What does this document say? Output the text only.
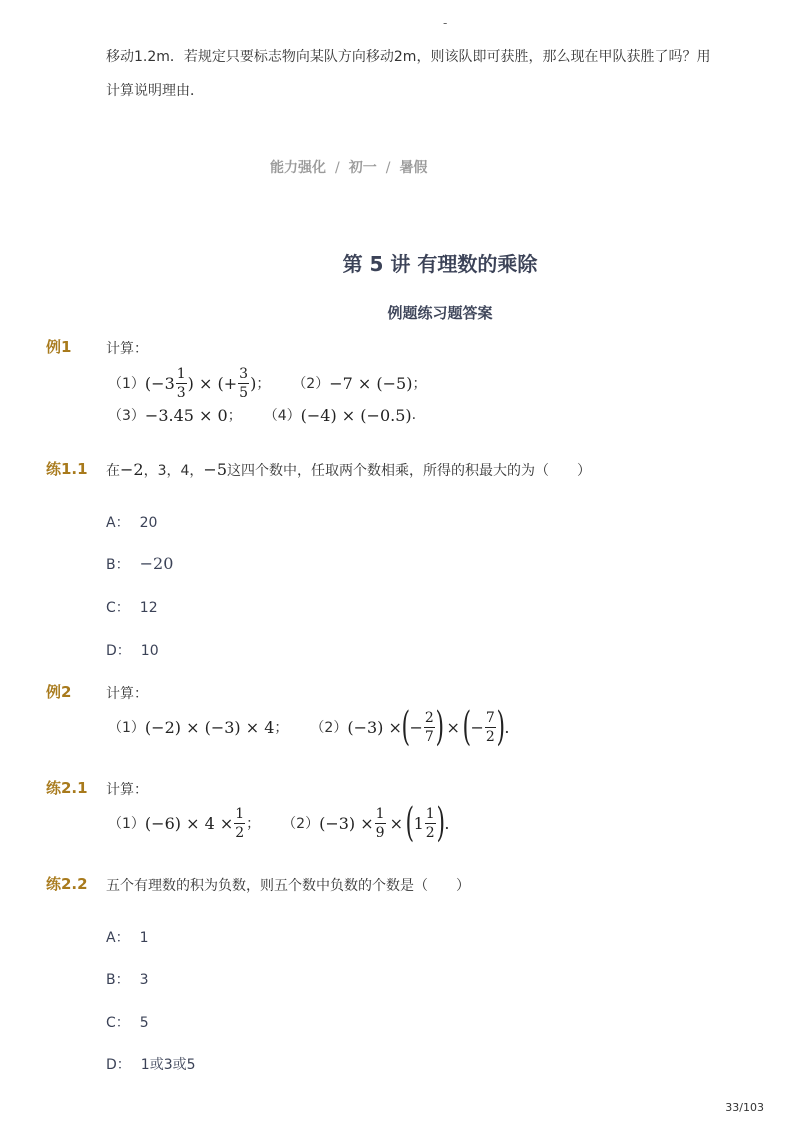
-
移动1.2m．若规定只要标志物向某队方向移动2m，则该队即可获胜，那么现在甲队获胜了吗？用
计算说明理由．
能力强化 / 初一 / 暑假
第 5 讲 有理数的乘除
例题练习题答案
例1 计算：
（1） ($-3 \frac{1}{3}$ ) × (+ $\frac{3}{5}$ ) ； （2） −7 × (−5) ；
（3） −3.45 × 0 ； （4） (−4) × (−0.5) .
练1.1 在−2，3，4，−5这四个数中，任取两个数相乘，所得的积最大的为（　　）
A： 20
B： −20
C： 12
D： 10
例2 计算：
（1） (−2) × (−3) × 4 ； （2） (−3) × ( − $\frac{2}{7}$ ) × ( − $\frac{7}{2}$ ) .
练2.1 计算：
（1） $(-6) \times 4 \times \frac{1}{2}$ ； （2） $(-3) \times \frac{1}{9}$ × ( $1 \frac{1}{2}$ ) .
练2.2 五个有理数的积为负数，则五个数中负数的个数是（　　）
A： 1
B： 3
C： 5
D： 1或3或5
33/103
